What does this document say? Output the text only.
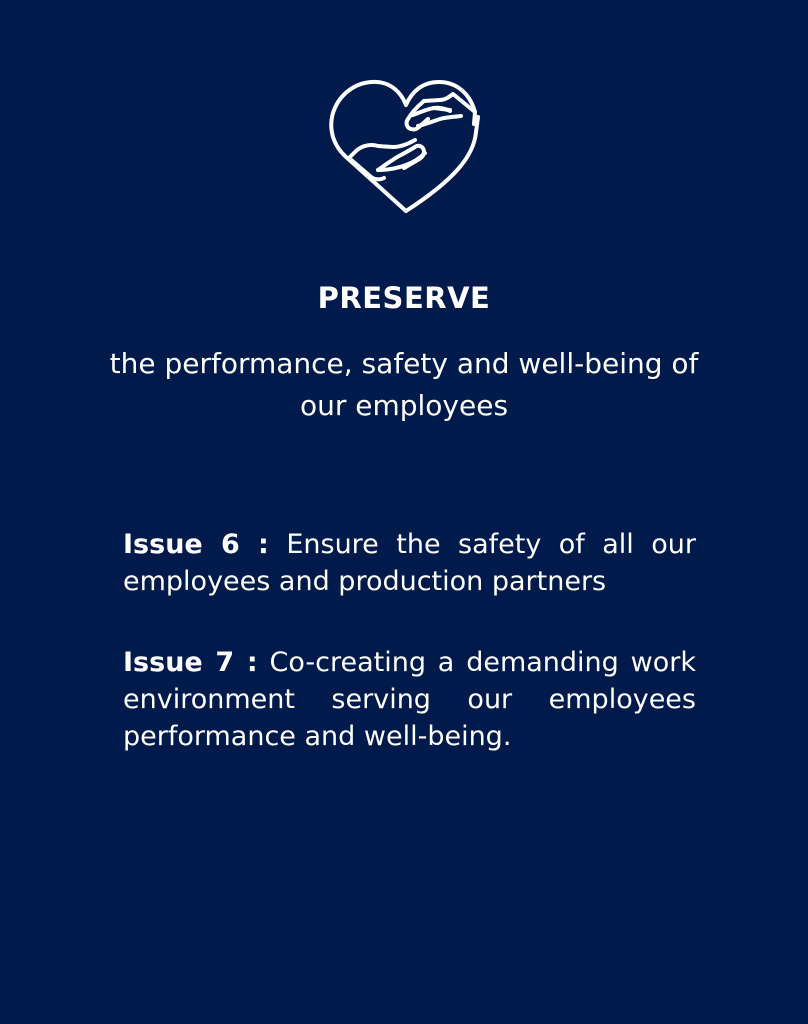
PRESERVE
the performance, safety and well-being of our employees
Issue 6 : Ensure the safety of all our employees and production partners
Issue 7 : Co-creating a demanding work environment serving our employees performance and well-being.
